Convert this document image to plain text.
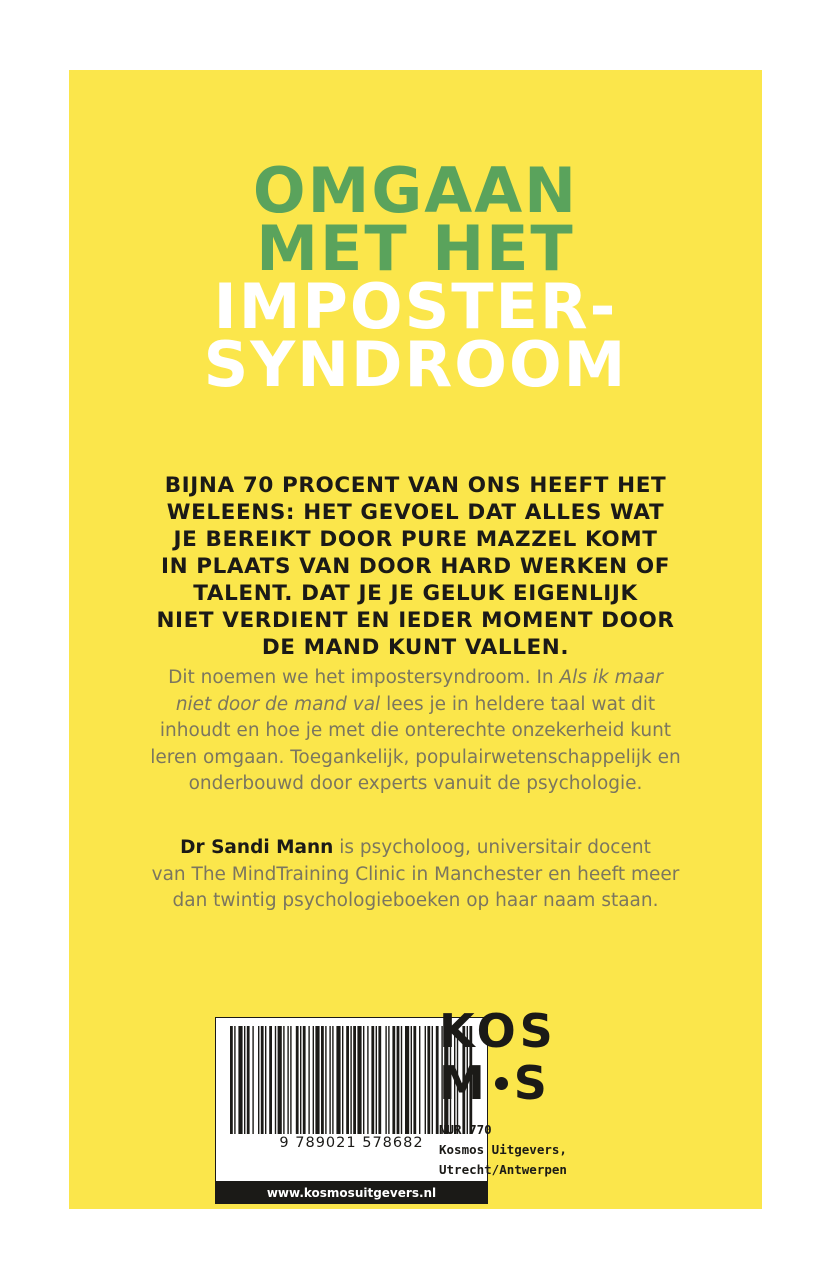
OMGAAN
MET HET
IMPOSTER-
SYNDROOM
BIJNA 70 PROCENT VAN ONS HEEFT HET
WELEENS: HET GEVOEL DAT ALLES WAT
JE BEREIKT DOOR PURE MAZZEL KOMT
IN PLAATS VAN DOOR HARD WERKEN OF
TALENT. DAT JE JE GELUK EIGENLIJK
NIET VERDIENT EN IEDER MOMENT DOOR
DE MAND KUNT VALLEN.
Dit noemen we het impostersyndroom. In Als ik maar
niet door de mand val lees je in heldere taal wat dit
inhoudt en hoe je met die onterechte onzekerheid kunt
leren omgaan. Toegankelijk, populairwetenschappelijk en
onderbouwd door experts vanuit de psychologie.
Dr Sandi Mann is psycholoog, universitair docent
van The MindTraining Clinic in Manchester en heeft meer
dan twintig psychologieboeken op haar naam staan.
9 789021 578682
www.kosmosuitgevers.nl
KOS
M S
NUR 770
Kosmos Uitgevers,
Utrecht/Antwerpen
